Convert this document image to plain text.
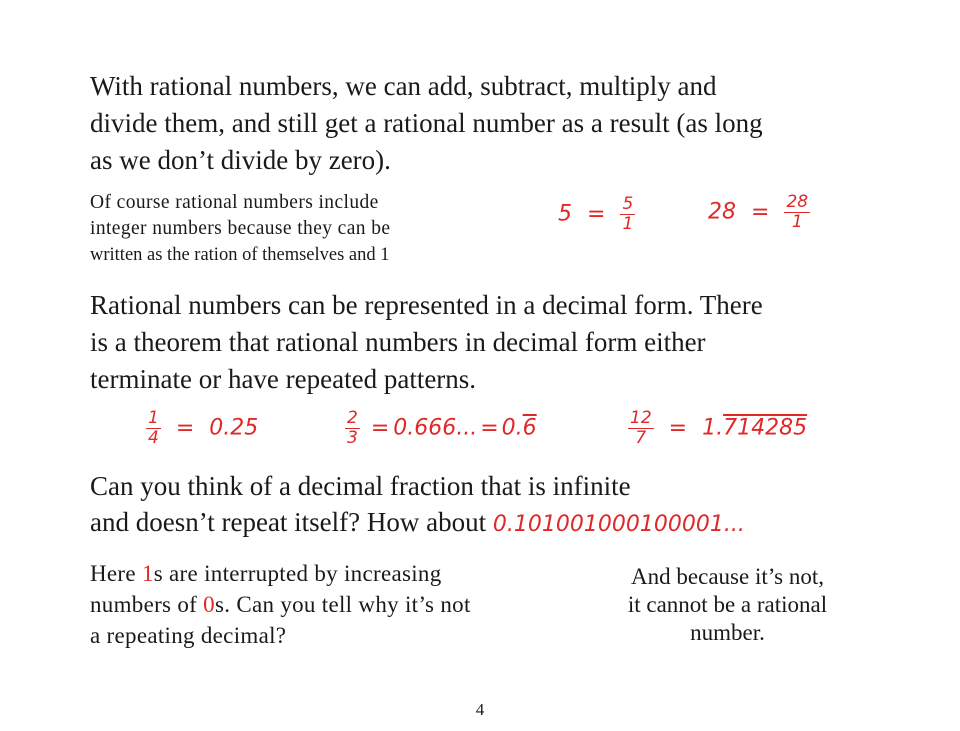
With rational numbers, we can add, subtract, multiply and
divide them, and still get a rational number as a result (as long
as we don’t divide by zero).

Of course rational numbers include
integer numbers because they can be
written as the ration of themselves and 1

$5 = \frac{5}{1}$	$28 = \frac{28}{1}$

Rational numbers can be represented in a decimal form. There
is a theorem that rational numbers in decimal form either
terminate or have repeated patterns.

$\frac{1}{4} = 0.25$	$\frac{2}{3} = 0.666$... = 0.6	$\frac{12}{7} = 1.714285$

Can you think of a decimal fraction that is infinite
and doesn’t repeat itself? How about 0.101001000100001...

Here 1s are interrupted by increasing
numbers of 0s. Can you tell why it’s not
a repeating decimal?

And because it’s not,
it cannot be a rational
number.

4
